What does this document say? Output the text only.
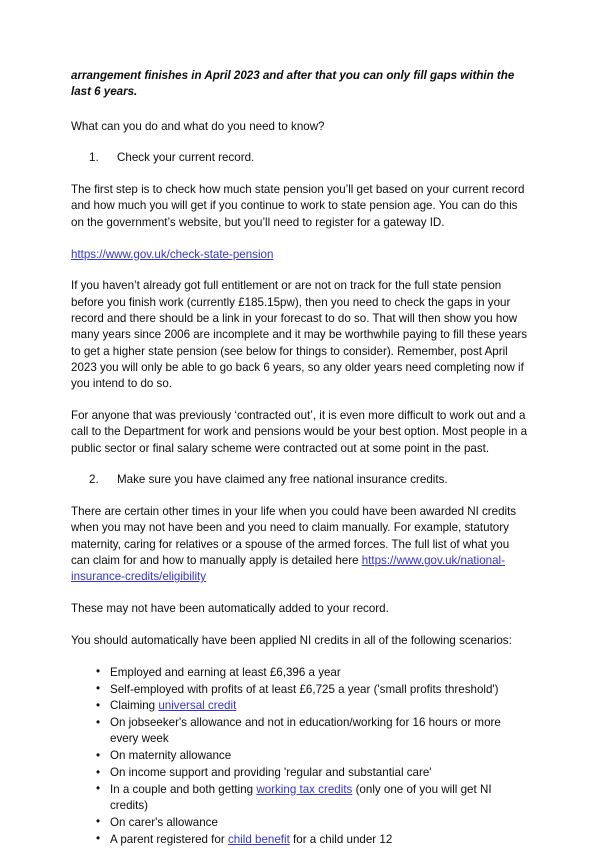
arrangement finishes in April 2023 and after that you can only fill gaps within the last 6 years.

What can you do and what do you need to know?

1.	Check your current record.

The first step is to check how much state pension you’ll get based on your current record and how much you will get if you continue to work to state pension age. You can do this on the government’s website, but you’ll need to register for a gateway ID.

https://www.gov.uk/check-state-pension

If you haven’t already got full entitlement or are not on track for the full state pension before you finish work (currently £185.15pw), then you need to check the gaps in your record and there should be a link in your forecast to do so. That will then show you how many years since 2006 are incomplete and it may be worthwhile paying to fill these years to get a higher state pension (see below for things to consider). Remember, post April 2023 you will only be able to go back 6 years, so any older years need completing now if you intend to do so.

For anyone that was previously ‘contracted out’, it is even more difficult to work out and a call to the Department for work and pensions would be your best option. Most people in a public sector or final salary scheme were contracted out at some point in the past.

2.	Make sure you have claimed any free national insurance credits.

There are certain other times in your life when you could have been awarded NI credits when you may not have been and you need to claim manually. For example, statutory maternity, caring for relatives or a spouse of the armed forces. The full list of what you can claim for and how to manually apply is detailed here https://www.gov.uk/national-insurance-credits/eligibility

These may not have been automatically added to your record.

You should automatically have been applied NI credits in all of the following scenarios:

• Employed and earning at least £6,396 a year
• Self-employed with profits of at least £6,725 a year ('small profits threshold')
• Claiming universal credit
• On jobseeker's allowance and not in education/working for 16 hours or more every week
• On maternity allowance
• On income support and providing 'regular and substantial care'
• In a couple and both getting working tax credits (only one of you will get NI credits)
• On carer's allowance
• A parent registered for child benefit for a child under 12
